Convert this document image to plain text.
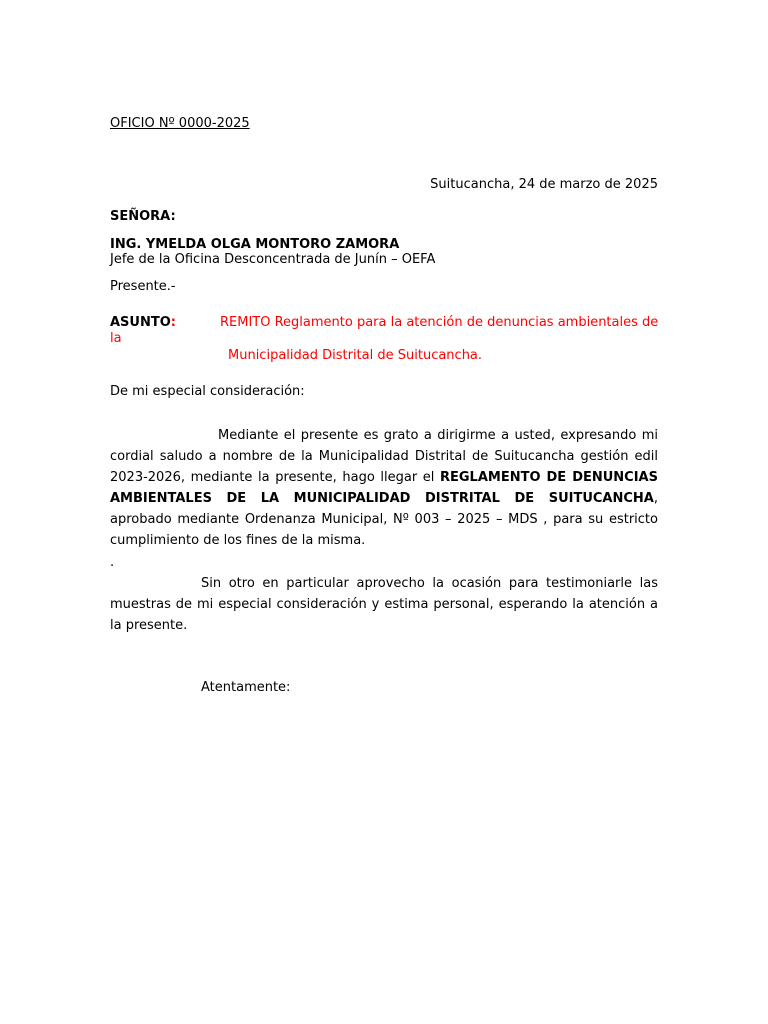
OFICIO Nº 0000-2025
Suitucancha, 24 de marzo de 2025
SEÑORA:
ING. YMELDA OLGA MONTORO ZAMORA
Jefe de la Oficina Desconcentrada de Junín – OEFA
Presente.-
ASUNTO:	REMITO Reglamento para la atención de denuncias ambientales de
la
Municipalidad Distrital de Suitucancha.
De mi especial consideración:
Mediante el presente es grato a dirigirme a usted, expresando mi cordial saludo a nombre de la Municipalidad Distrital de Suitucancha gestión edil 2023-2026, mediante la presente, hago llegar el REGLAMENTO DE DENUNCIAS AMBIENTALES DE LA MUNICIPALIDAD DISTRITAL DE SUITUCANCHA, aprobado mediante Ordenanza Municipal, Nº 003 – 2025 – MDS , para su estricto cumplimiento de los fines de la misma.
.
Sin otro en particular aprovecho la ocasión para testimoniarle las muestras de mi especial consideración y estima personal, esperando la atención a la presente.
Atentamente:
